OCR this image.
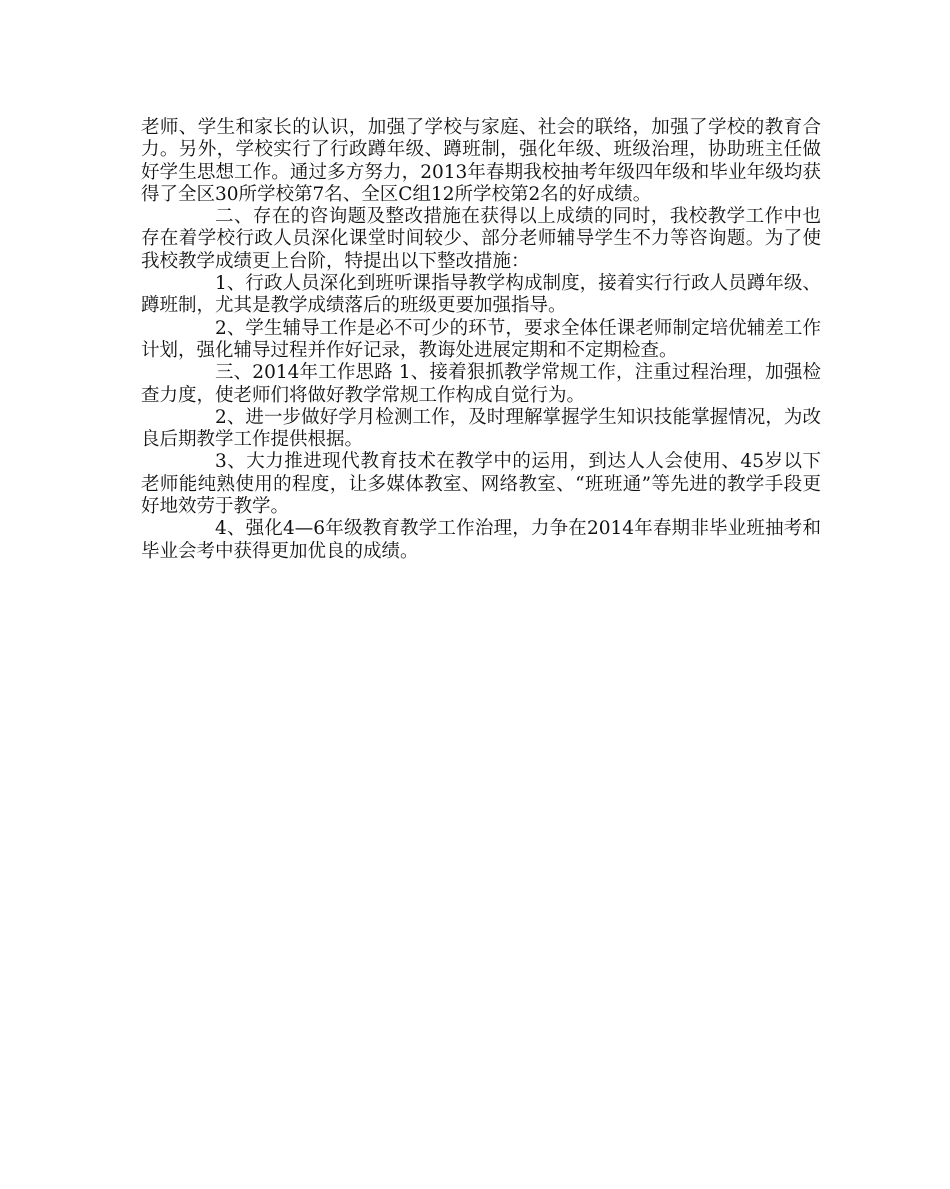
老师、学生和家长的认识，加强了学校与家庭、社会的联络，加强了学校的教育合力。另外，学校实行了行政蹲年级、蹲班制，强化年级、班级治理，协助班主任做好学生思想工作。通过多方努力，2013年春期我校抽考年级四年级和毕业年级均获得了全区30所学校第7名、全区C组12所学校第2名的好成绩。

二、存在的咨询题及整改措施在获得以上成绩的同时，我校教学工作中也存在着学校行政人员深化课堂时间较少、部分老师辅导学生不力等咨询题。为了使我校教学成绩更上台阶，特提出以下整改措施：

1、行政人员深化到班听课指导教学构成制度，接着实行行政人员蹲年级、蹲班制，尤其是教学成绩落后的班级更要加强指导。

2、学生辅导工作是必不可少的环节，要求全体任课老师制定培优辅差工作计划，强化辅导过程并作好记录，教诲处进展定期和不定期检查。

三、2014年工作思路 1、接着狠抓教学常规工作，注重过程治理，加强检查力度，使老师们将做好教学常规工作构成自觉行为。

2、进一步做好学月检测工作，及时理解掌握学生知识技能掌握情况，为改良后期教学工作提供根据。

3、大力推进现代教育技术在教学中的运用，到达人人会使用、45岁以下老师能纯熟使用的程度，让多媒体教室、网络教室、“班班通”等先进的教学手段更好地效劳于教学。

4、强化4—6年级教育教学工作治理，力争在2014年春期非毕业班抽考和毕业会考中获得更加优良的成绩。
